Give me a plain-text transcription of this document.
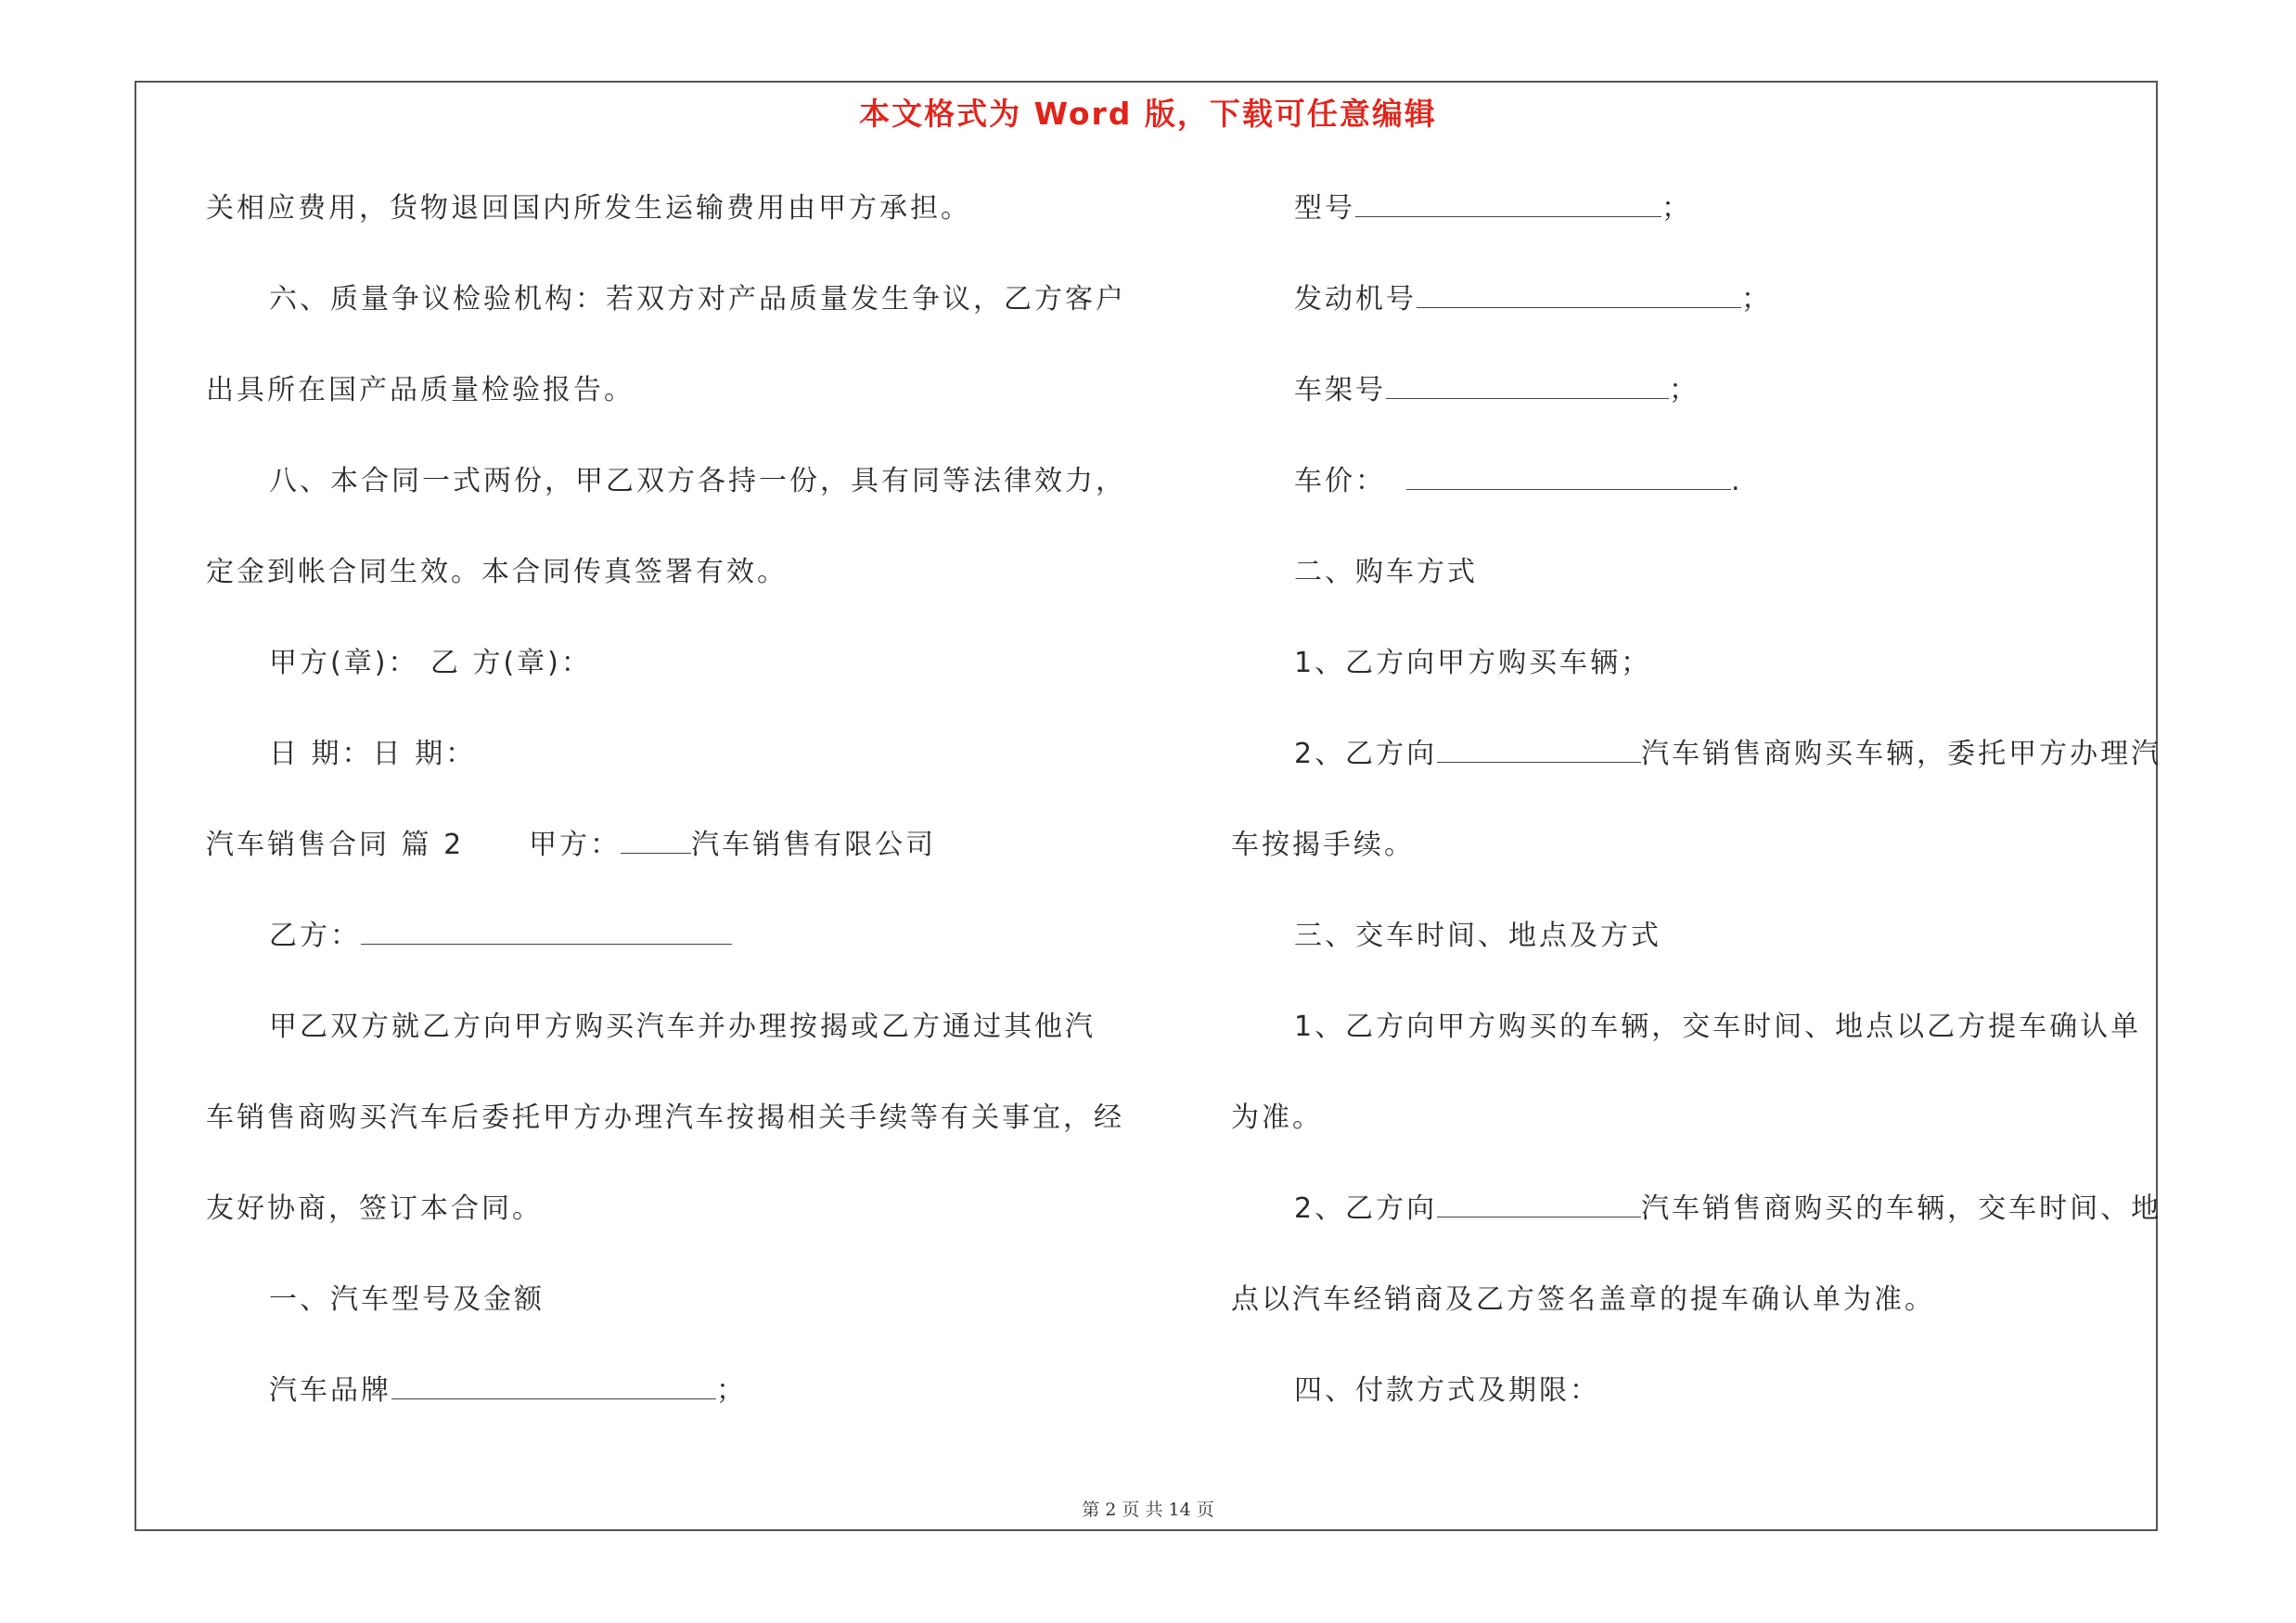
本文格式为 Word 版，下载可任意编辑
关相应费用，货物退回国内所发生运输费用由甲方承担。
六、质量争议检验机构：若双方对产品质量发生争议，乙方客户
出具所在国产品质量检验报告。
八、本合同一式两份，甲乙双方各持一份，具有同等法律效力，
定金到帐合同生效。本合同传真签署有效。
甲方(章)： 乙 方(章)：
日 期：日 期：
汽车销售合同 篇 2 甲方：	汽车销售有限公司
乙方：
甲乙双方就乙方向甲方购买汽车并办理按揭或乙方通过其他汽
车销售商购买汽车后委托甲方办理汽车按揭相关手续等有关事宜，经
友好协商，签订本合同。
一、汽车型号及金额
汽车品牌	；
型号	；
发动机号	；
车架号	；
车价：	.
二、购车方式
1、乙方向甲方购买车辆；
2、乙方向	汽车销售商购买车辆，委托甲方办理汽
车按揭手续。
三、交车时间、地点及方式
1、乙方向甲方购买的车辆，交车时间、地点以乙方提车确认单
为准。
2、乙方向	汽车销售商购买的车辆，交车时间、地
点以汽车经销商及乙方签名盖章的提车确认单为准。
四、付款方式及期限：
第 2 页 共 14 页
